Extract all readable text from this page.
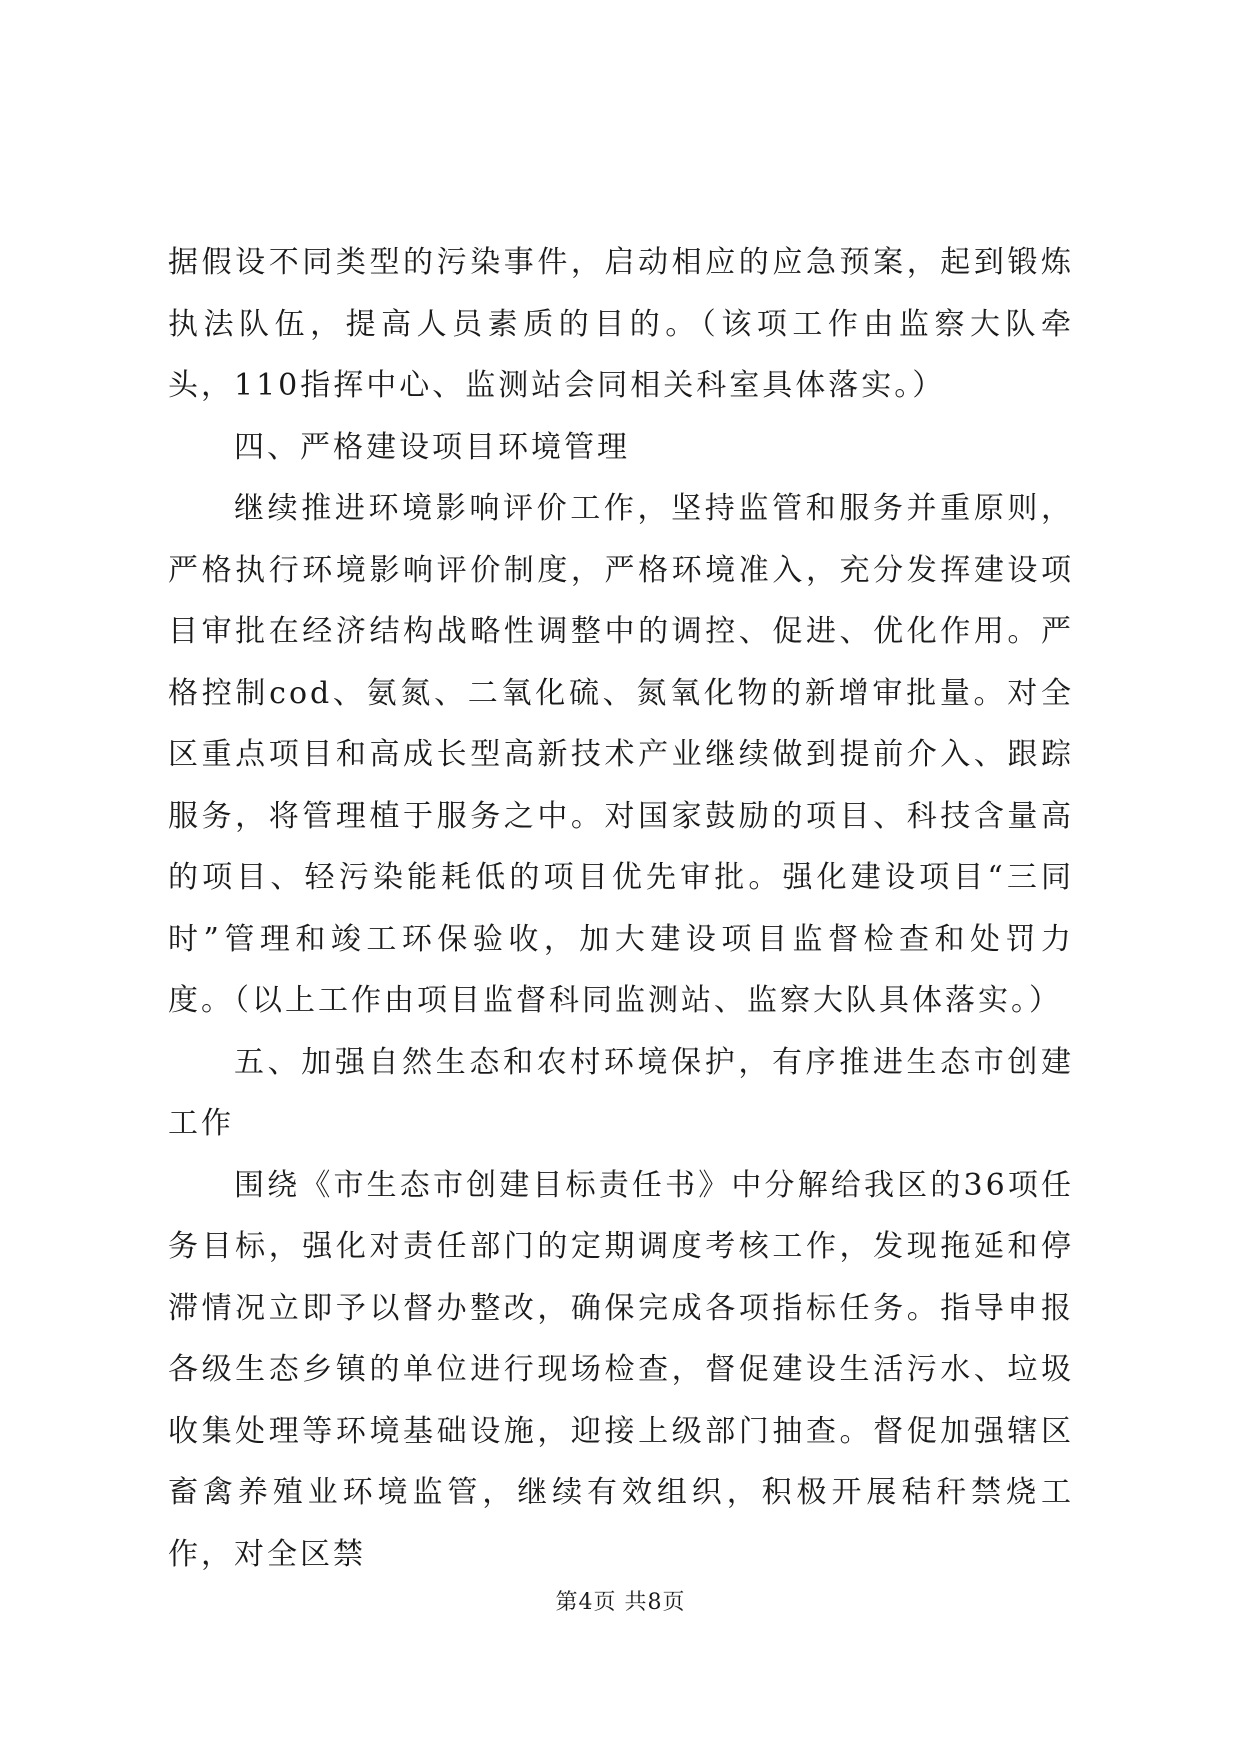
据假设不同类型的污染事件，启动相应的应急预案，起到锻炼执法队伍，提高人员素质的目的。（该项工作由监察大队牵头，110指挥中心、监测站会同相关科室具体落实。）

四、严格建设项目环境管理

继续推进环境影响评价工作，坚持监管和服务并重原则，严格执行环境影响评价制度，严格环境准入，充分发挥建设项目审批在经济结构战略性调整中的调控、促进、优化作用。严格控制cod、氨氮、二氧化硫、氮氧化物的新增审批量。对全区重点项目和高成长型高新技术产业继续做到提前介入、跟踪服务，将管理植于服务之中。对国家鼓励的项目、科技含量高的项目、轻污染能耗低的项目优先审批。强化建设项目“三同时”管理和竣工环保验收，加大建设项目监督检查和处罚力度。（以上工作由项目监督科同监测站、监察大队具体落实。）

五、加强自然生态和农村环境保护，有序推进生态市创建工作

围绕《市生态市创建目标责任书》中分解给我区的36项任务目标，强化对责任部门的定期调度考核工作，发现拖延和停滞情况立即予以督办整改，确保完成各项指标任务。指导申报各级生态乡镇的单位进行现场检查，督促建设生活污水、垃圾收集处理等环境基础设施，迎接上级部门抽查。督促加强辖区畜禽养殖业环境监管，继续有效组织，积极开展秸秆禁烧工作，对全区禁

第4页 共8页
